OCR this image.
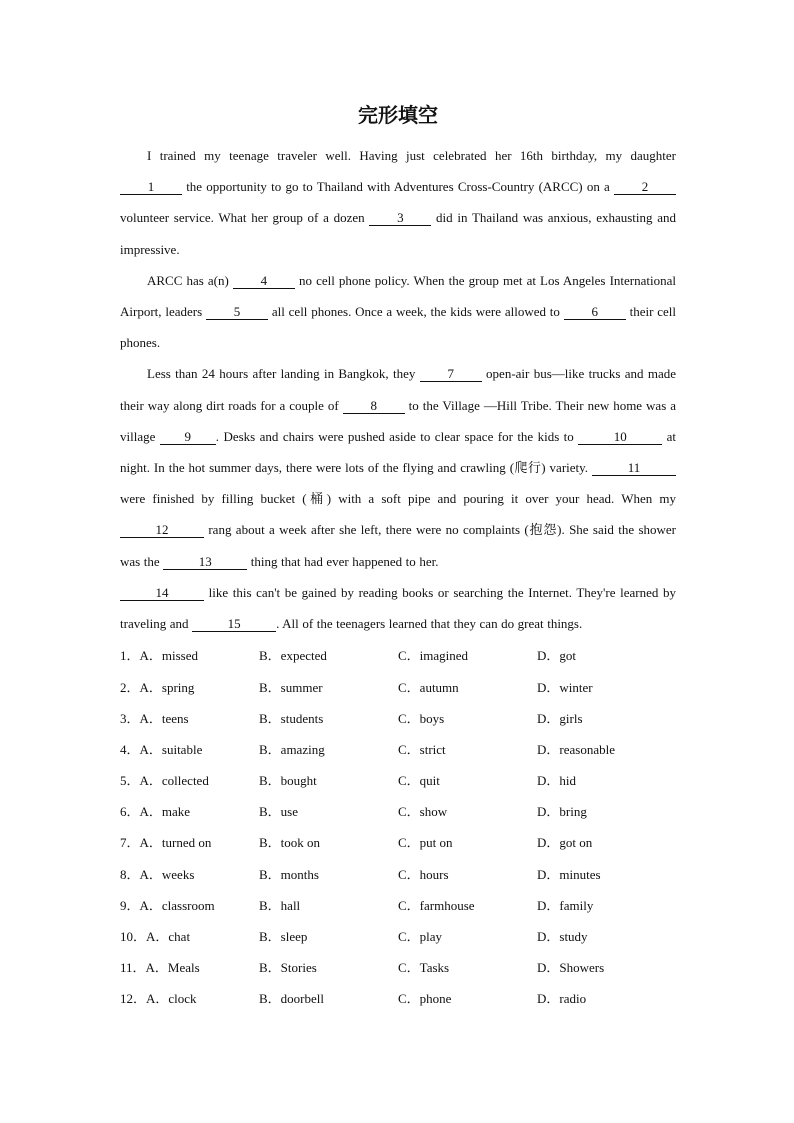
完形填空

I trained my teenage traveler well. Having just celebrated her 16th birthday, my daughter 1 the opportunity to go to Thailand with Adventures Cross-Country (ARCC) on a 2 volunteer service. What her group of a dozen 3 did in Thailand was anxious, exhausting and impressive.

ARCC has a(n) 4 no cell phone policy. When the group met at Los Angeles International Airport, leaders 5 all cell phones. Once a week, the kids were allowed to 6 their cell phones.

Less than 24 hours after landing in Bangkok, they 7 open-air bus—like trucks and made their way along dirt roads for a couple of 8 to the Village —Hill Tribe. Their new home was a village 9 . Desks and chairs were pushed aside to clear space for the kids to	10	at night. In the hot summer days, there were lots of the flying and crawling (爬行) variety.	11 were finished by filling bucket (桶) with a soft pipe and pouring it over your head. When my 12	rang about a week after she left, there were no complaints (抱怨). She said the shower was the	13	thing that had ever happened to her.

14	like this can't be gained by reading books or searching the Internet. They're learned by traveling and	15	. All of the teenagers learned that they can do great things.

1．A．missed	B．expected	C．imagined	D．got
2．A．spring	B．summer	C．autumn	D．winter
3．A．teens	B．students	C．boys	D．girls
4．A．suitable	B．amazing	C．strict	D．reasonable
5．A．collected	B．bought	C．quit	D．hid
6．A．make	B．use	C．show	D．bring
7．A．turned on	B．took on	C．put on	D．got on
8．A．weeks	B．months	C．hours	D．minutes
9．A．classroom	B．hall	C．farmhouse	D．family
10．A．chat	B．sleep	C．play	D．study
11．A．Meals	B．Stories	C．Tasks	D．Showers
12．A．clock	B．doorbell	C．phone	D．radio
